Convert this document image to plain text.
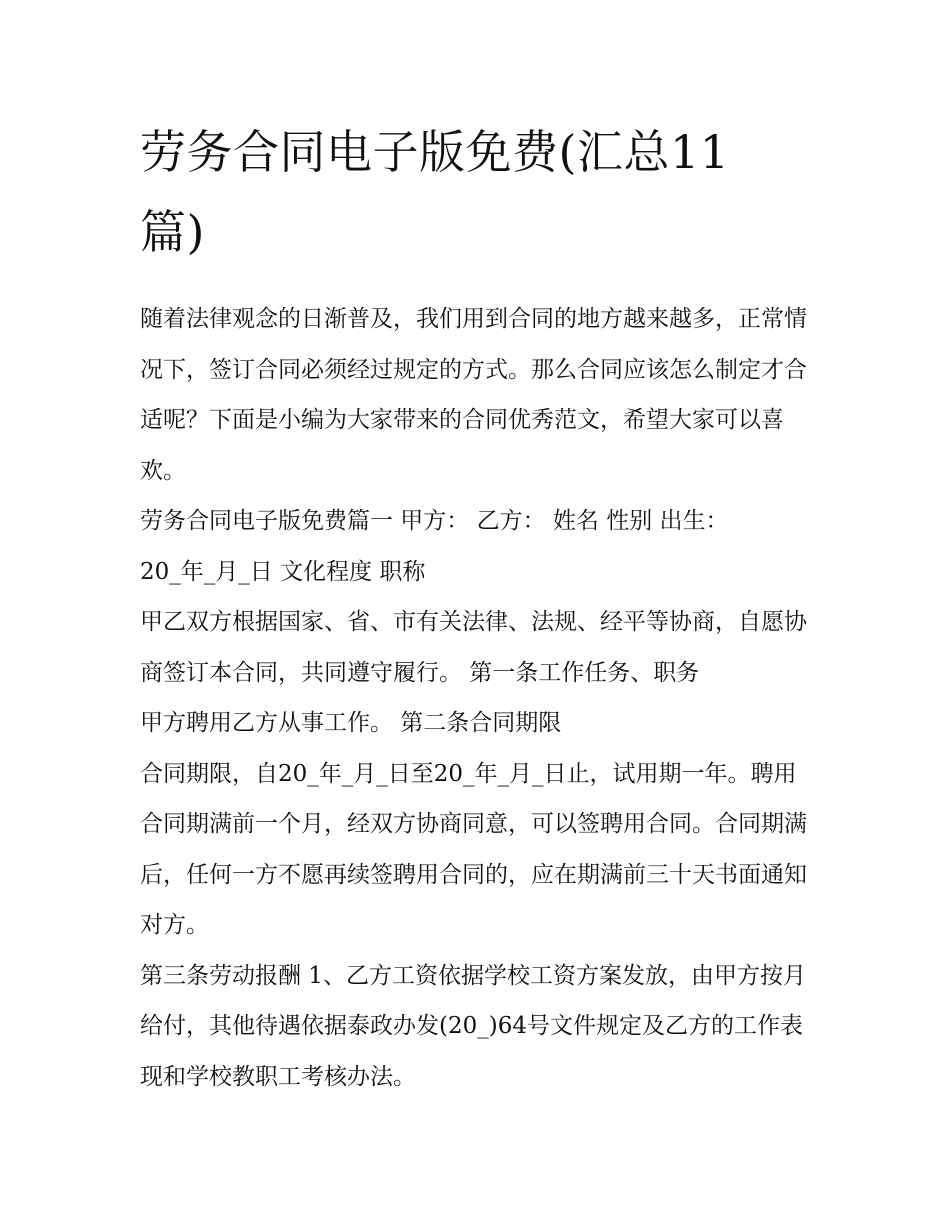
劳务合同电子版免费(汇总11篇)

随着法律观念的日渐普及，我们用到合同的地方越来越多，正常情况下，签订合同必须经过规定的方式。那么合同应该怎么制定才合适呢？下面是小编为大家带来的合同优秀范文，希望大家可以喜欢。

劳务合同电子版免费篇一 甲方： 乙方： 姓名 性别 出生：

20_年_月_日 文化程度 职称

甲乙双方根据国家、省、市有关法律、法规、经平等协商，自愿协商签订本合同，共同遵守履行。 第一条工作任务、职务

甲方聘用乙方从事工作。 第二条合同期限

合同期限，自20_年_月_日至20_年_月_日止，试用期一年。聘用合同期满前一个月，经双方协商同意，可以签聘用合同。合同期满后，任何一方不愿再续签聘用合同的，应在期满前三十天书面通知对方。

第三条劳动报酬 1、乙方工资依据学校工资方案发放，由甲方按月给付，其他待遇依据泰政办发(20_)64号文件规定及乙方的工作表现和学校教职工考核办法。
